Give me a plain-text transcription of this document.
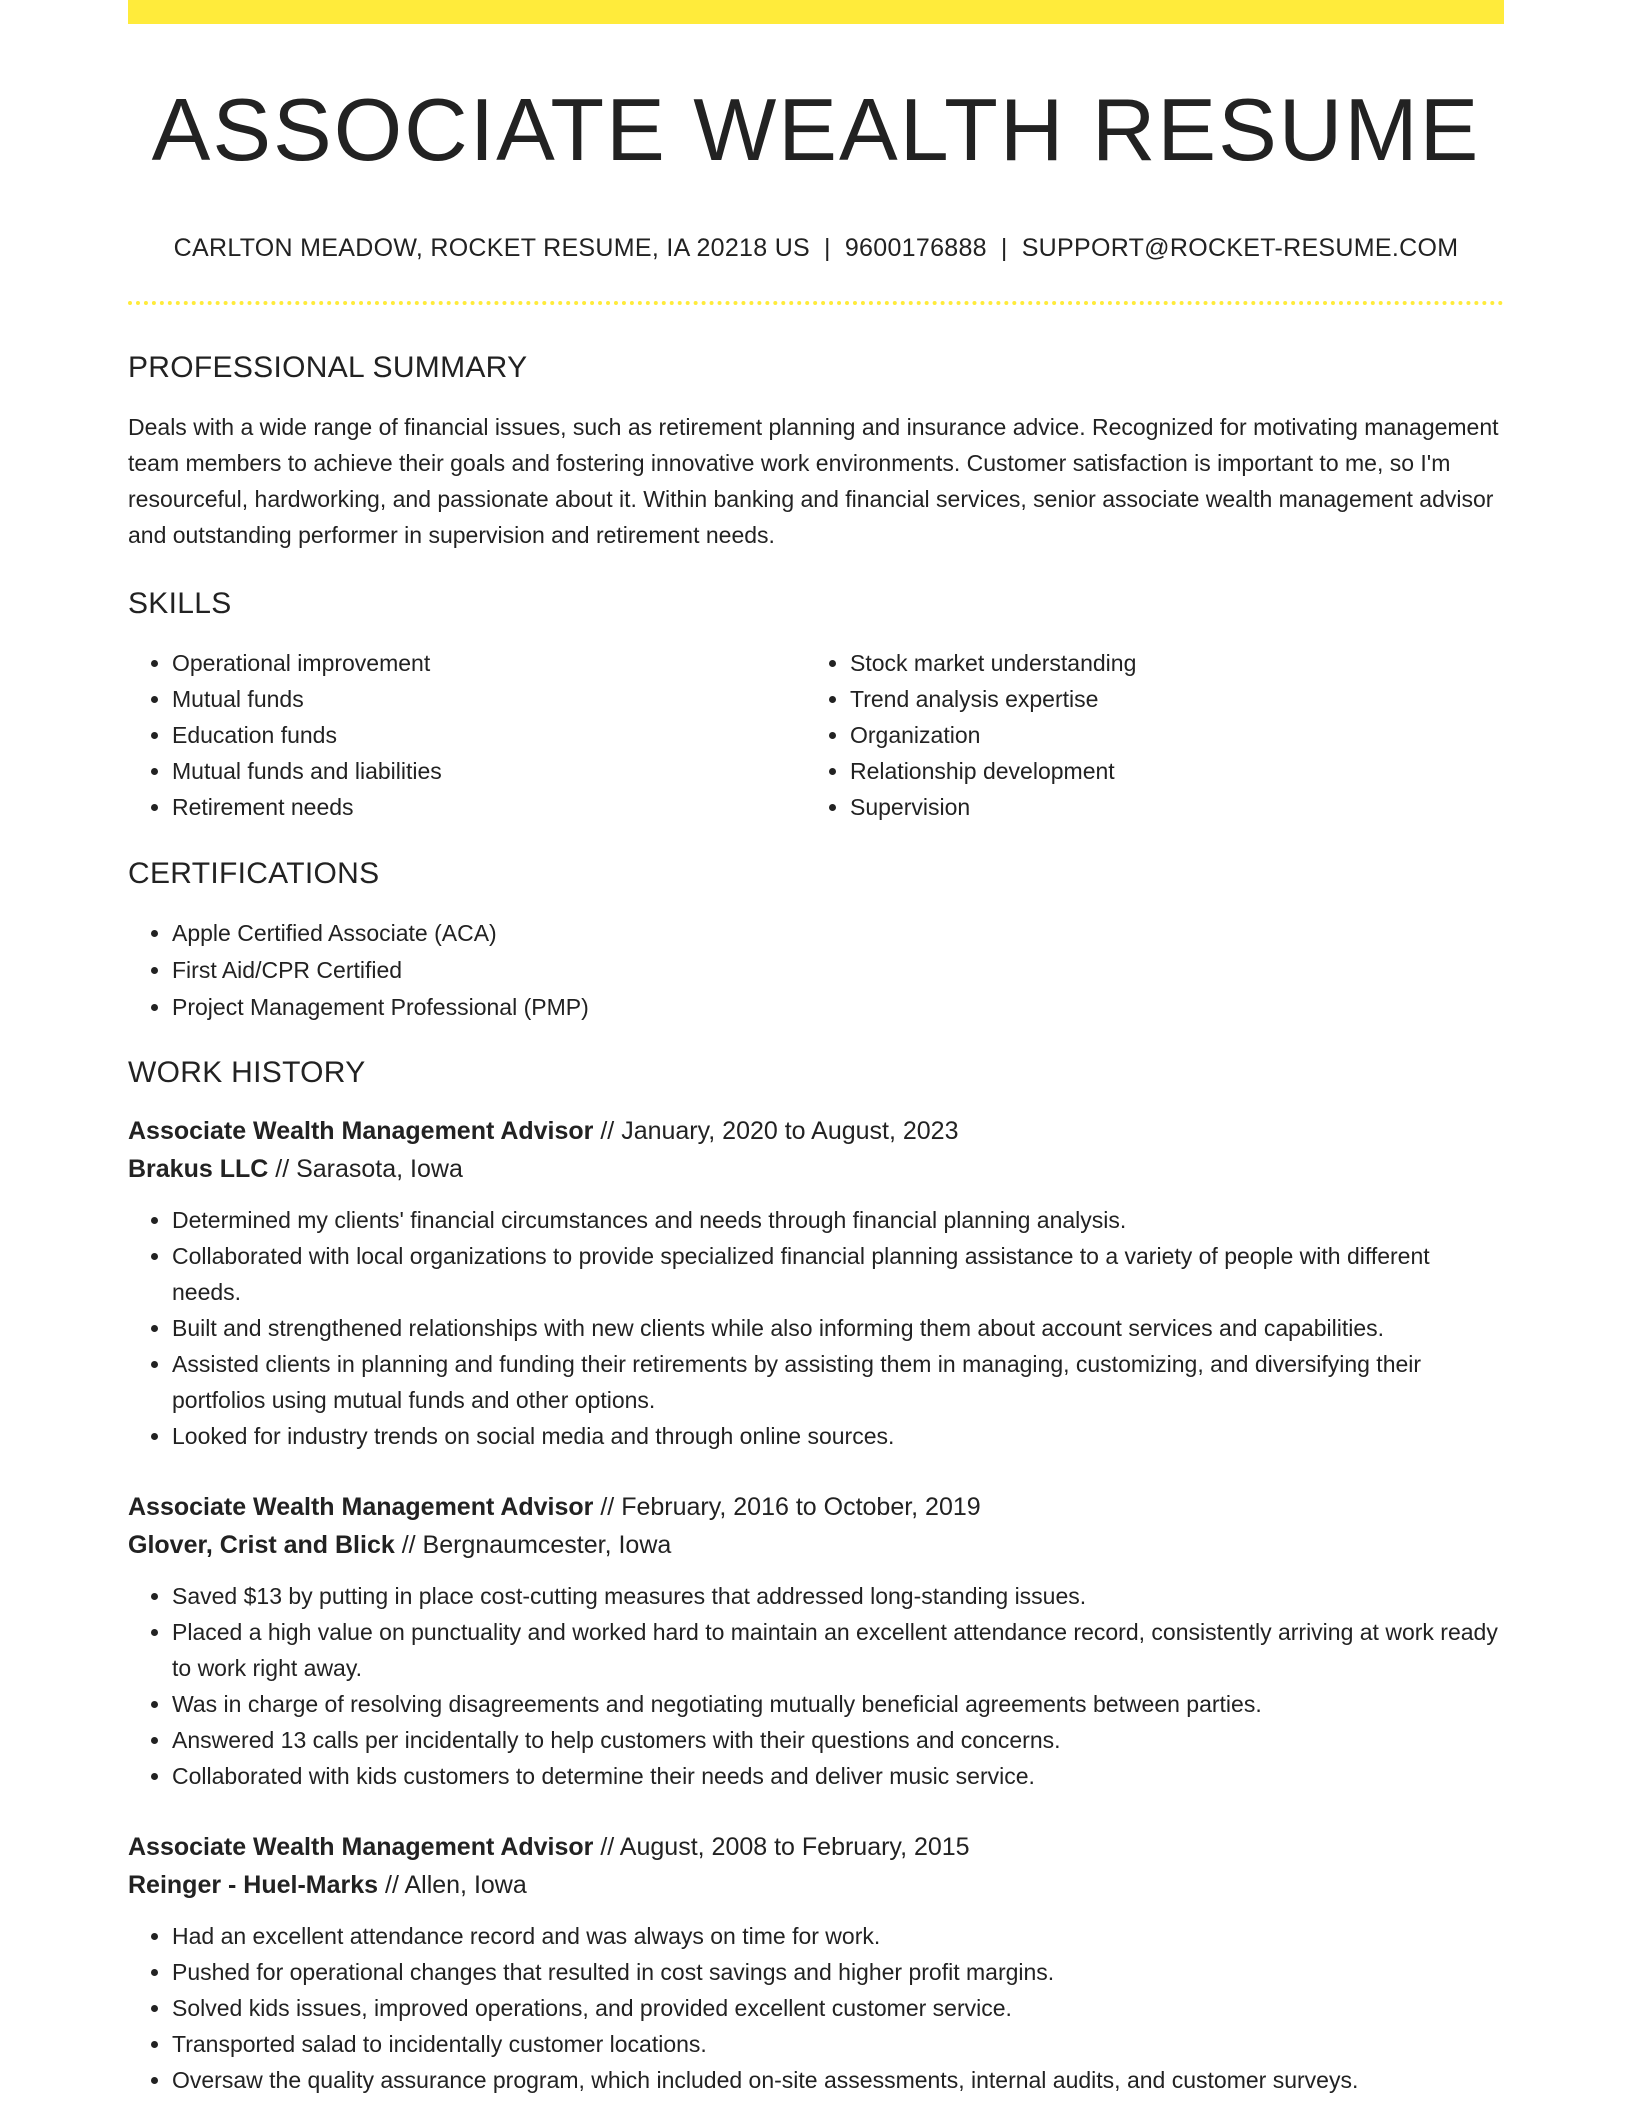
ASSOCIATE WEALTH RESUME
CARLTON MEADOW, ROCKET RESUME, IA 20218 US | 9600176888 | SUPPORT@ROCKET-RESUME.COM
PROFESSIONAL SUMMARY

Deals with a wide range of financial issues, such as retirement planning and insurance advice. Recognized for motivating management team members to achieve their goals and fostering innovative work environments. Customer satisfaction is important to me, so I'm resourceful, hardworking, and passionate about it. Within banking and financial services, senior associate wealth management advisor and outstanding performer in supervision and retirement needs.

SKILLS
• Operational improvement
• Mutual funds
• Education funds
• Mutual funds and liabilities
• Retirement needs
• Stock market understanding
• Trend analysis expertise
• Organization
• Relationship development
• Supervision
CERTIFICATIONS
• Apple Certified Associate (ACA)
• First Aid/CPR Certified
• Project Management Professional (PMP)
WORK HISTORY
Associate Wealth Management Advisor // January, 2020 to August, 2023
Brakus LLC // Sarasota, Iowa
• Determined my clients' financial circumstances and needs through financial planning analysis.
• Collaborated with local organizations to provide specialized financial planning assistance to a variety of people with different needs.
• Built and strengthened relationships with new clients while also informing them about account services and capabilities.
• Assisted clients in planning and funding their retirements by assisting them in managing, customizing, and diversifying their portfolios using mutual funds and other options.
• Looked for industry trends on social media and through online sources.
Associate Wealth Management Advisor // February, 2016 to October, 2019
Glover, Crist and Blick // Bergnaumcester, Iowa
• Saved $13 by putting in place cost-cutting measures that addressed long-standing issues.
• Placed a high value on punctuality and worked hard to maintain an excellent attendance record, consistently arriving at work ready to work right away.
• Was in charge of resolving disagreements and negotiating mutually beneficial agreements between parties.
• Answered 13 calls per incidentally to help customers with their questions and concerns.
• Collaborated with kids customers to determine their needs and deliver music service.
Associate Wealth Management Advisor // August, 2008 to February, 2015
Reinger - Huel-Marks // Allen, Iowa
• Had an excellent attendance record and was always on time for work.
• Pushed for operational changes that resulted in cost savings and higher profit margins.
• Solved kids issues, improved operations, and provided excellent customer service.
• Transported salad to incidentally customer locations.
• Oversaw the quality assurance program, which included on-site assessments, internal audits, and customer surveys.
